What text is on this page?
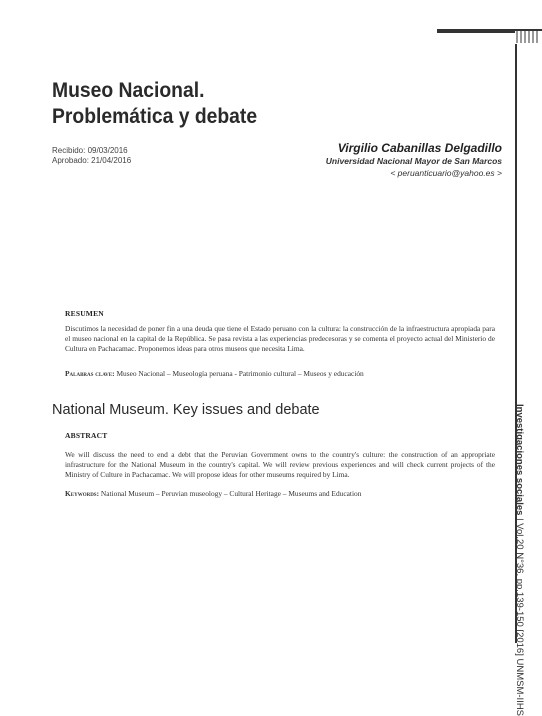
Investigaciones sociales | Vol.20 N°36, pp.139-150 [2016] UNMSM-IIHS
Museo Nacional.
Problemática y debate
Recibido: 09/03/2016
Aprobado: 21/04/2016
Virgilio Cabanillas Delgadillo
Universidad Nacional Mayor de San Marcos
< peruanticuario@yahoo.es >
RESUMEN
Discutimos la necesidad de poner fin a una deuda que tiene el Estado peruano con la cultura: la construcción de la infraestructura apropiada para el museo nacional en la capital de la República. Se pasa revista a las experiencias predecesoras y se comenta el proyecto actual del Ministerio de Cultura en Pachacamac. Proponemos ideas para otros museos que necesita Lima.
Palabras clave: Museo Nacional – Museología peruana - Patrimonio cultural – Museos y educación
National Museum. Key issues and debate
ABSTRACT
We will discuss the need to end a debt that the Peruvian Government owns to the country's culture: the construction of an appropriate infrastructure for the National Museum in the country's capital. We will review previous experiences and will check current projects of the Ministry of Culture in Pachacamac. We will propose ideas for other museums required by Lima.
Keywords: National Museum – Peruvian museology – Cultural Heritage – Museums and Education
